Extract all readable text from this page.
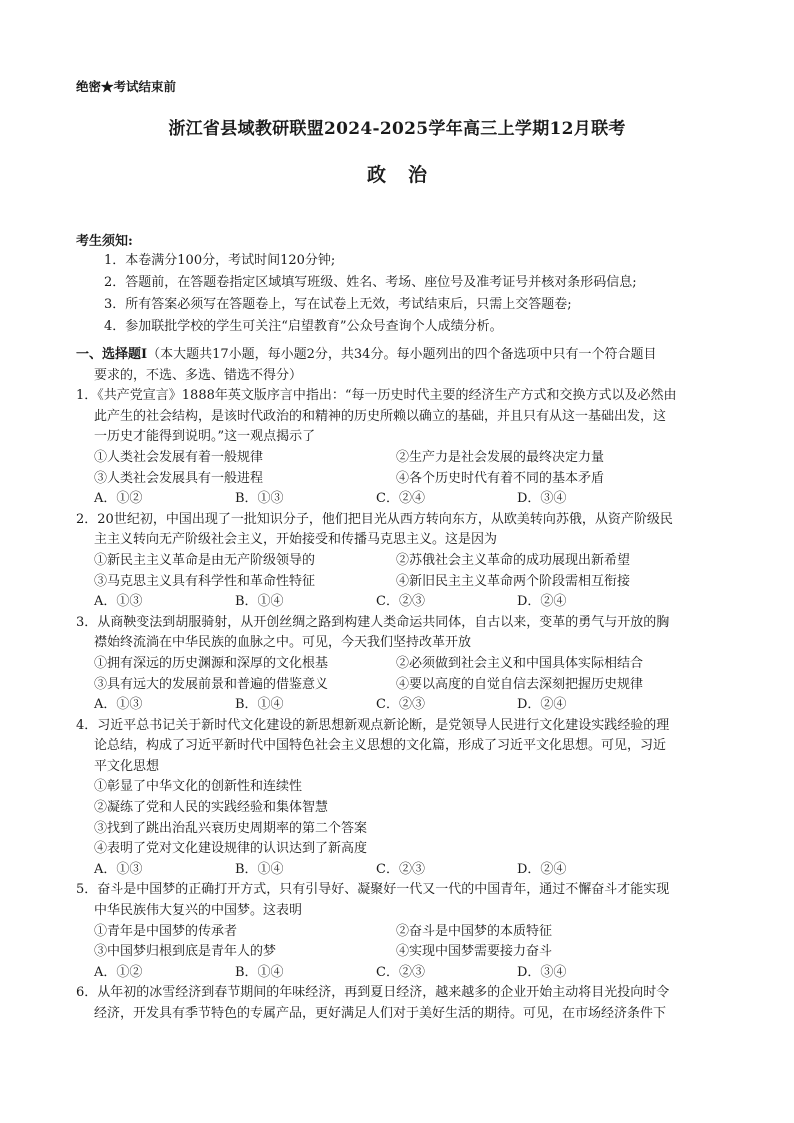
绝密★考试结束前
浙江省县域教研联盟2024-2025学年高三上学期12月联考
政治
考生须知:
1．本卷满分100分，考试时间120分钟;
2．答题前，在答题卷指定区域填写班级、姓名、考场、座位号及准考证号并核对条形码信息;
3．所有答案必须写在答题卷上，写在试卷上无效，考试结束后，只需上交答题卷;
4．参加联批学校的学生可关注“启望教育”公众号查询个人成绩分析。
一、选择题Ⅰ（本大题共17小题，每小题2分，共34分。每小题列出的四个备选项中只有一个符合题目
要求的，不选、多选、错选不得分）
1．《共产党宣言》1888年英文版序言中指出：“每一历史时代主要的经济生产方式和交换方式以及必然由
此产生的社会结构，是该时代政治的和精神的历史所赖以确立的基础，并且只有从这一基础出发，这
一历史才能得到说明。”这一观点揭示了
①人类社会发展有着一般规律	②生产力是社会发展的最终决定力量
③人类社会发展具有一般进程	④各个历史时代有着不同的基本矛盾
A．①②	B．①③	C．②④	D．③④
2．20世纪初，中国出现了一批知识分子，他们把目光从西方转向东方，从欧美转向苏俄，从资产阶级民
主主义转向无产阶级社会主义，开始接受和传播马克思主义。这是因为
①新民主主义革命是由无产阶级领导的	②苏俄社会主义革命的成功展现出新希望
③马克思主义具有科学性和革命性特征	④新旧民主主义革命两个阶段需相互衔接
A．①③	B．①④	C．②③	D．②④
3．从商鞅变法到胡服骑射，从开创丝绸之路到构建人类命运共同体，自古以来，变革的勇气与开放的胸
襟始终流淌在中华民族的血脉之中。可见，今天我们坚持改革开放
①拥有深远的历史渊源和深厚的文化根基	②必须做到社会主义和中国具体实际相结合
③具有远大的发展前景和普遍的借鉴意义	④要以高度的自觉自信去深刻把握历史规律
A．①③	B．①④	C．②③	D．②④
4．习近平总书记关于新时代文化建设的新思想新观点新论断，是党领导人民进行文化建设实践经验的理
论总结，构成了习近平新时代中国特色社会主义思想的文化篇，形成了习近平文化思想。可见，习近
平文化思想
①彰显了中华文化的创新性和连续性
②凝练了党和人民的实践经验和集体智慧
③找到了跳出治乱兴衰历史周期率的第二个答案
④表明了党对文化建设规律的认识达到了新高度
A．①③	B．①④	C．②③	D．②④
5．奋斗是中国梦的正确打开方式，只有引导好、凝聚好一代又一代的中国青年，通过不懈奋斗才能实现
中华民族伟大复兴的中国梦。这表明
①青年是中国梦的传承者	②奋斗是中国梦的本质特征
③中国梦归根到底是青年人的梦	④实现中国梦需要接力奋斗
A．①②	B．①④	C．②③	D．③④
6．从年初的冰雪经济到春节期间的年味经济，再到夏日经济，越来越多的企业开始主动将目光投向时令
经济，开发具有季节特色的专属产品，更好满足人们对于美好生活的期待。可见，在市场经济条件下
